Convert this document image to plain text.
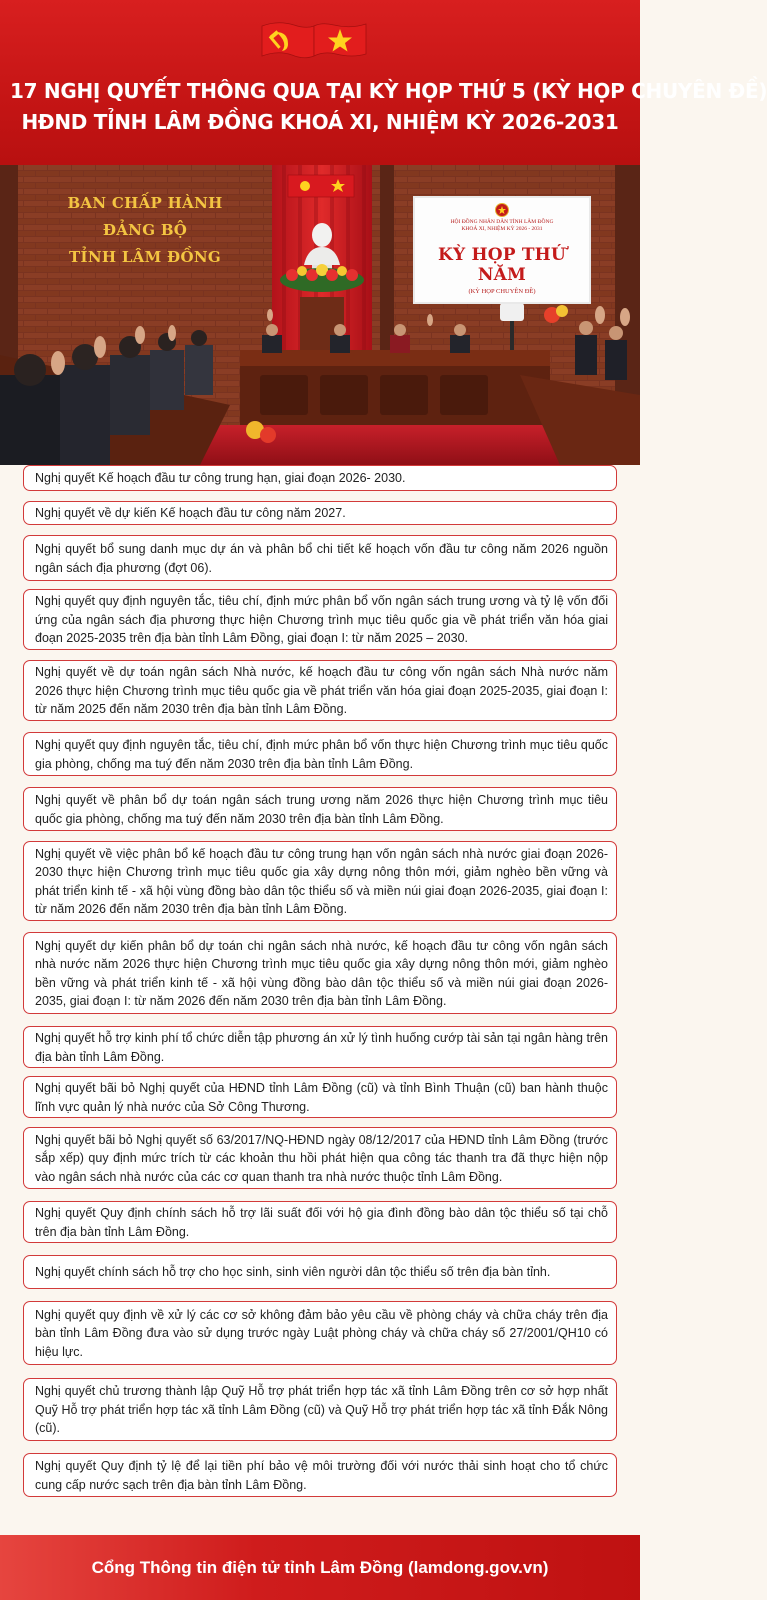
17 NGHỊ QUYẾT THÔNG QUA TẠI KỲ HỌP THỨ 5 (KỲ HỌP CHUYÊN ĐỀ)
HĐND TỈNH LÂM ĐỒNG KHOÁ XI, NHIỆM KỲ 2026-2031
BAN CHẤP HÀNH ĐẢNG BỘ
TỈNH LÂM ĐỒNG
HỘI ĐỒNG NHÂN DÂN TỈNH LÂM ĐỒNG
KHOÁ XI, NHIỆM KỲ 2026 - 2031
KỲ HỌP THỨ NĂM
(KỲ HỌP CHUYÊN ĐỀ)
Nghị quyết Kế hoạch đầu tư công trung hạn, giai đoạn 2026- 2030.
Nghị quyết về dự kiến Kế hoạch đầu tư công năm 2027.
Nghị quyết bổ sung danh mục dự án và phân bổ chi tiết kế hoạch vốn đầu tư công năm 2026 nguồn ngân sách địa phương (đợt 06).
Nghị quyết quy định nguyên tắc, tiêu chí, định mức phân bổ vốn ngân sách trung ương và tỷ lệ vốn đối ứng của ngân sách địa phương thực hiện Chương trình mục tiêu quốc gia về phát triển văn hóa giai đoạn 2025-2035 trên địa bàn tỉnh Lâm Đồng, giai đoạn I: từ năm 2025 – 2030.
Nghị quyết về dự toán ngân sách Nhà nước, kế hoạch đầu tư công vốn ngân sách Nhà nước năm 2026 thực hiện Chương trình mục tiêu quốc gia về phát triển văn hóa giai đoạn 2025-2035, giai đoạn I: từ năm 2025 đến năm 2030 trên địa bàn tỉnh Lâm Đồng.
Nghị quyết quy định nguyên tắc, tiêu chí, định mức phân bổ vốn thực hiện Chương trình mục tiêu quốc gia phòng, chống ma tuý đến năm 2030 trên địa bàn tỉnh Lâm Đồng.
Nghị quyết về phân bổ dự toán ngân sách trung ương năm 2026 thực hiện Chương trình mục tiêu quốc gia phòng, chống ma tuý đến năm 2030 trên địa bàn tỉnh Lâm Đồng.
Nghị quyết về việc phân bổ kế hoạch đầu tư công trung hạn vốn ngân sách nhà nước giai đoạn 2026-2030 thực hiện Chương trình mục tiêu quốc gia xây dựng nông thôn mới, giảm nghèo bền vững và phát triển kinh tế - xã hội vùng đồng bào dân tộc thiểu số và miền núi giai đoạn 2026-2035, giai đoạn I: từ năm 2026 đến năm 2030 trên địa bàn tỉnh Lâm Đồng.
Nghị quyết dự kiến phân bổ dự toán chi ngân sách nhà nước, kế hoạch đầu tư công vốn ngân sách nhà nước năm 2026 thực hiện Chương trình mục tiêu quốc gia xây dựng nông thôn mới, giảm nghèo bền vững và phát triển kinh tế - xã hội vùng đồng bào dân tộc thiểu số và miền núi giai đoạn 2026-2035, giai đoạn I: từ năm 2026 đến năm 2030 trên địa bàn tỉnh Lâm Đồng.
Nghị quyết hỗ trợ kinh phí tổ chức diễn tập phương án xử lý tình huống cướp tài sản tại ngân hàng trên địa bàn tỉnh Lâm Đồng.
Nghị quyết bãi bỏ Nghị quyết của HĐND tỉnh Lâm Đồng (cũ) và tỉnh Bình Thuận (cũ) ban hành thuộc lĩnh vực quản lý nhà nước của Sở Công Thương.
Nghị quyết bãi bỏ Nghị quyết số 63/2017/NQ-HĐND ngày 08/12/2017 của HĐND tỉnh Lâm Đồng (trước sắp xếp) quy định mức trích từ các khoản thu hồi phát hiện qua công tác thanh tra đã thực hiện nộp vào ngân sách nhà nước của các cơ quan thanh tra nhà nước thuộc tỉnh Lâm Đồng.
Nghị quyết Quy định chính sách hỗ trợ lãi suất đối với hộ gia đình đồng bào dân tộc thiểu số tại chỗ trên địa bàn tỉnh Lâm Đồng.
Nghị quyết chính sách hỗ trợ cho học sinh, sinh viên người dân tộc thiểu số trên địa bàn tỉnh.
Nghị quyết quy định về xử lý các cơ sở không đảm bảo yêu cầu về phòng cháy và chữa cháy trên địa bàn tỉnh Lâm Đồng đưa vào sử dụng trước ngày Luật phòng cháy và chữa cháy số 27/2001/QH10 có hiệu lực.
Nghị quyết chủ trương thành lập Quỹ Hỗ trợ phát triển hợp tác xã tỉnh Lâm Đồng trên cơ sở hợp nhất Quỹ Hỗ trợ phát triển hợp tác xã tỉnh Lâm Đồng (cũ) và Quỹ Hỗ trợ phát triển hợp tác xã tỉnh Đắk Nông (cũ).
Nghị quyết Quy định tỷ lệ để lại tiền phí bảo vệ môi trường đối với nước thải sinh hoạt cho tổ chức cung cấp nước sạch trên địa bàn tỉnh Lâm Đồng.
Cổng Thông tin điện tử tỉnh Lâm Đồng (lamdong.gov.vn)
